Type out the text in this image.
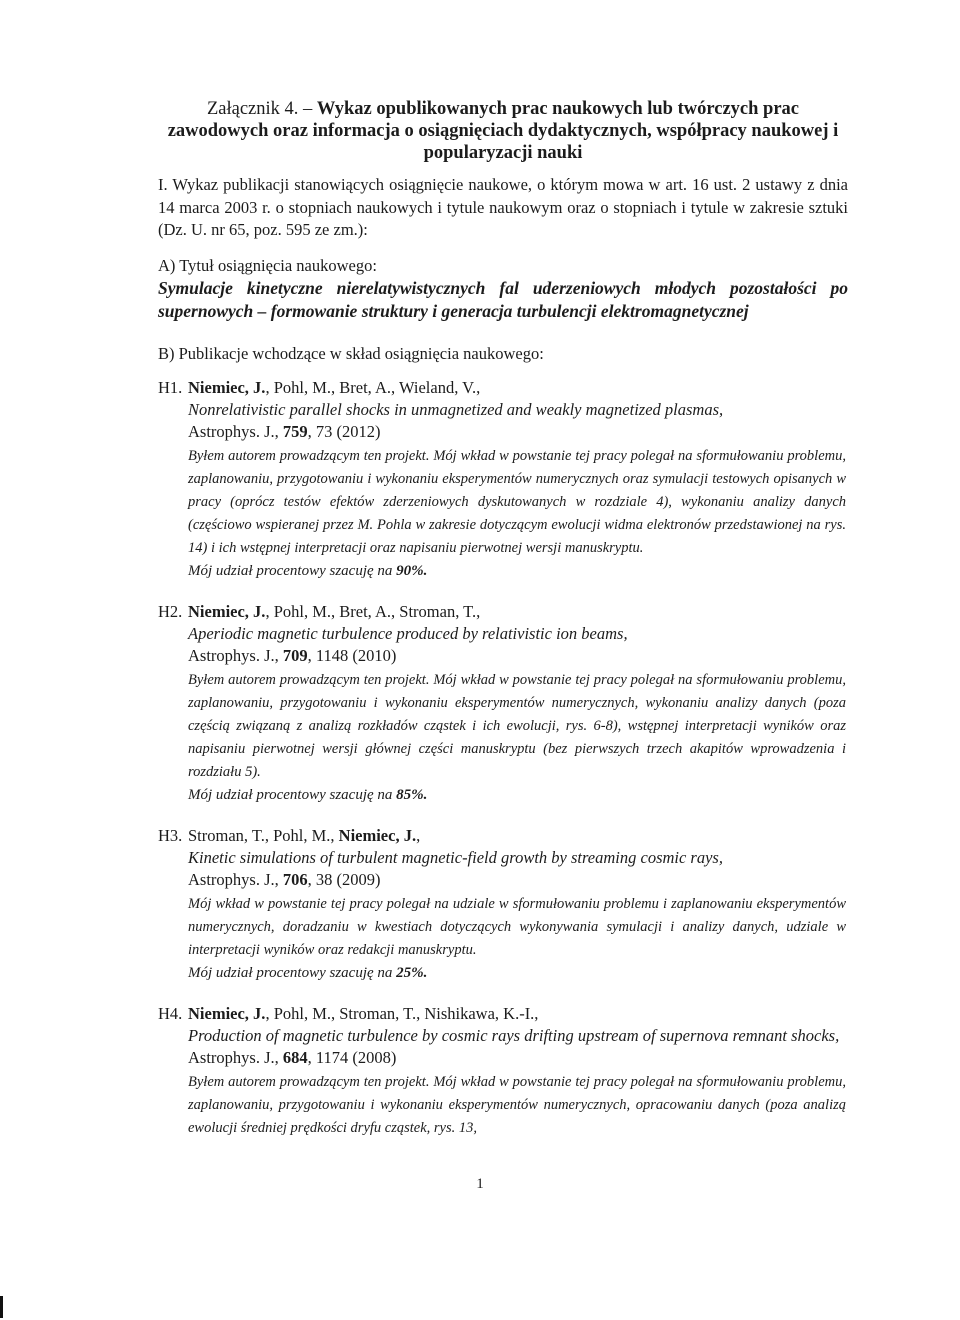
Załącznik 4. – Wykaz opublikowanych prac naukowych lub twórczych prac zawodowych oraz informacja o osiągnięciach dydaktycznych, współpracy naukowej i popularyzacji nauki
I. Wykaz publikacji stanowiących osiągnięcie naukowe, o którym mowa w art. 16 ust. 2 ustawy z dnia 14 marca 2003 r. o stopniach naukowych i tytule naukowym oraz o stopniach i tytule w zakresie sztuki (Dz. U. nr 65, poz. 595 ze zm.):
A) Tytuł osiągnięcia naukowego:
Symulacje kinetyczne nierelatywistycznych fal uderzeniowych młodych pozostałości po supernowych – formowanie struktury i generacja turbulencji elektromagnetycznej
B) Publikacje wchodzące w skład osiągnięcia naukowego:
H1. Niemiec, J., Pohl, M., Bret, A., Wieland, V.,
Nonrelativistic parallel shocks in unmagnetized and weakly magnetized plasmas,
Astrophys. J., 759, 73 (2012)
Byłem autorem prowadzącym ten projekt. Mój wkład w powstanie tej pracy polegał na sformułowaniu problemu, zaplanowaniu, przygotowaniu i wykonaniu eksperymentów numerycznych oraz symulacji testowych opisanych w pracy (oprócz testów efektów zderzeniowych dyskutowanych w rozdziale 4), wykonaniu analizy danych (częściowo wspieranej przez M. Pohla w zakresie dotyczącym ewolucji widma elektronów przedstawionej na rys. 14) i ich wstępnej interpretacji oraz napisaniu pierwotnej wersji manuskryptu.
Mój udział procentowy szacuję na 90%.
H2. Niemiec, J., Pohl, M., Bret, A., Stroman, T.,
Aperiodic magnetic turbulence produced by relativistic ion beams,
Astrophys. J., 709, 1148 (2010)
Byłem autorem prowadzącym ten projekt. Mój wkład w powstanie tej pracy polegał na sformułowaniu problemu, zaplanowaniu, przygotowaniu i wykonaniu eksperymentów numerycznych, wykonaniu analizy danych (poza częścią związaną z analizą rozkładów cząstek i ich ewolucji, rys. 6-8), wstępnej interpretacji wyników oraz napisaniu pierwotnej wersji głównej części manuskryptu (bez pierwszych trzech akapitów wprowadzenia i rozdziału 5).
Mój udział procentowy szacuję na 85%.
H3. Stroman, T., Pohl, M., Niemiec, J.,
Kinetic simulations of turbulent magnetic-field growth by streaming cosmic rays,
Astrophys. J., 706, 38 (2009)
Mój wkład w powstanie tej pracy polegał na udziale w sformułowaniu problemu i zaplanowaniu eksperymentów numerycznych, doradzaniu w kwestiach dotyczących wykonywania symulacji i analizy danych, udziale w interpretacji wyników oraz redakcji manuskryptu.
Mój udział procentowy szacuję na 25%.
H4. Niemiec, J., Pohl, M., Stroman, T., Nishikawa, K.-I.,
Production of magnetic turbulence by cosmic rays drifting upstream of supernova remnant shocks,
Astrophys. J., 684, 1174 (2008)
Byłem autorem prowadzącym ten projekt. Mój wkład w powstanie tej pracy polegał na sformułowaniu problemu, zaplanowaniu, przygotowaniu i wykonaniu eksperymentów numerycznych, opracowaniu danych (poza analizą ewolucji średniej prędkości dryfu cząstek, rys. 13,
1
